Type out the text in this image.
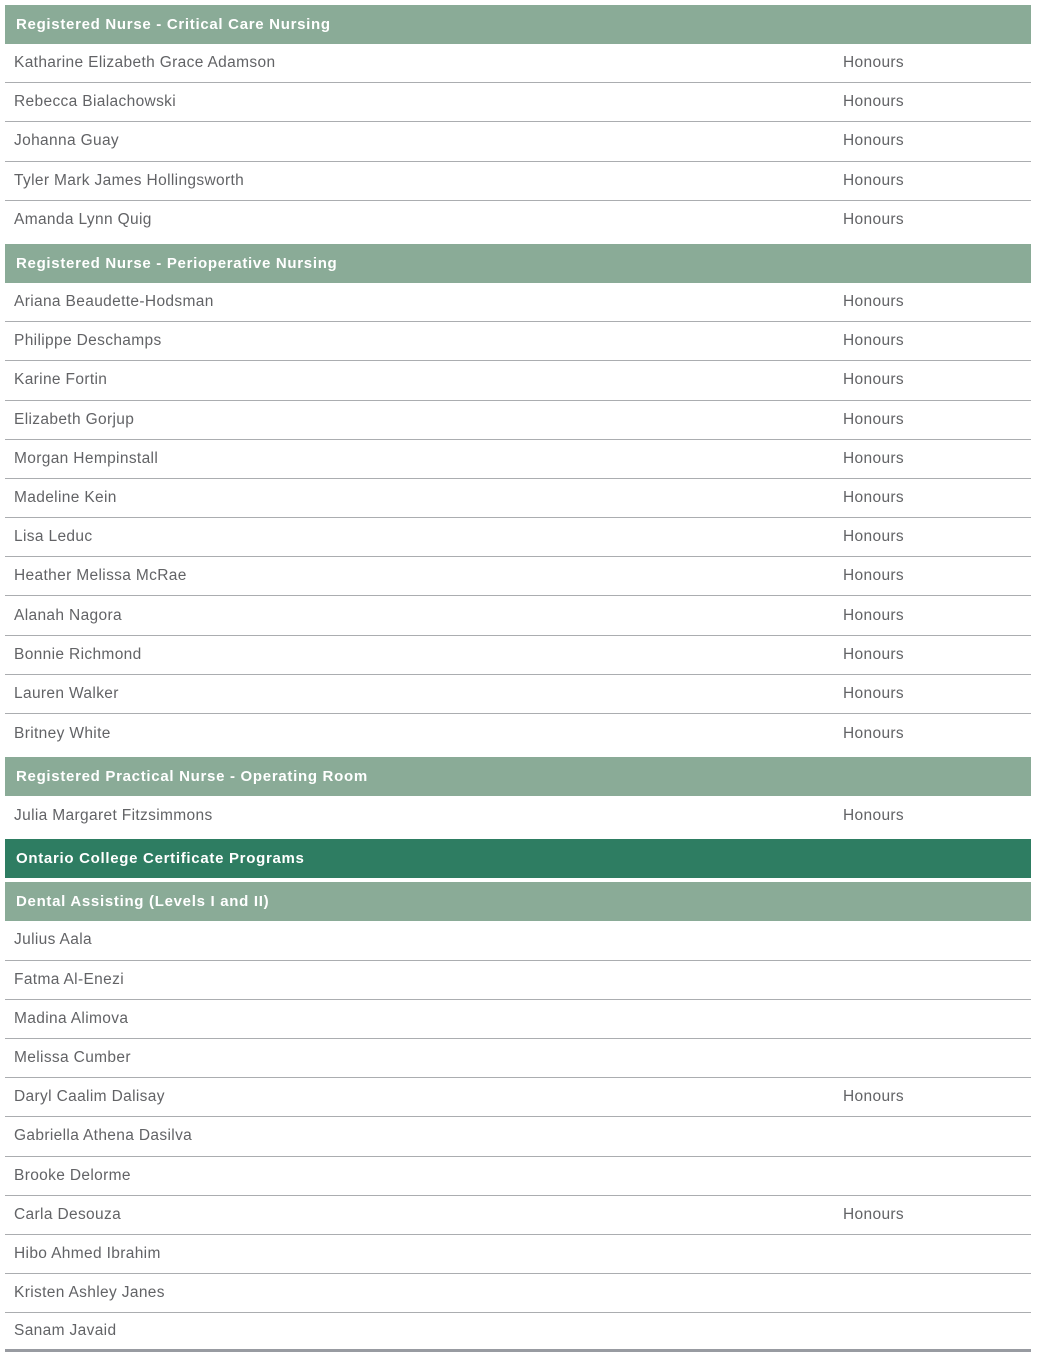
Registered Nurse - Critical Care Nursing
Katharine Elizabeth Grace Adamson	Honours
Rebecca Bialachowski	Honours
Johanna Guay	Honours
Tyler Mark James Hollingsworth	Honours
Amanda Lynn Quig	Honours
Registered Nurse - Perioperative Nursing
Ariana Beaudette-Hodsman	Honours
Philippe Deschamps	Honours
Karine Fortin	Honours
Elizabeth Gorjup	Honours
Morgan Hempinstall	Honours
Madeline Kein	Honours
Lisa Leduc	Honours
Heather Melissa McRae	Honours
Alanah Nagora	Honours
Bonnie Richmond	Honours
Lauren Walker	Honours
Britney White	Honours
Registered Practical Nurse - Operating Room
Julia Margaret Fitzsimmons	Honours
Ontario College Certificate Programs
Dental Assisting (Levels I and II)
Julius Aala
Fatma Al-Enezi
Madina Alimova
Melissa Cumber
Daryl Caalim Dalisay	Honours
Gabriella Athena Dasilva
Brooke Delorme
Carla Desouza	Honours
Hibo Ahmed Ibrahim
Kristen Ashley Janes
Sanam Javaid
